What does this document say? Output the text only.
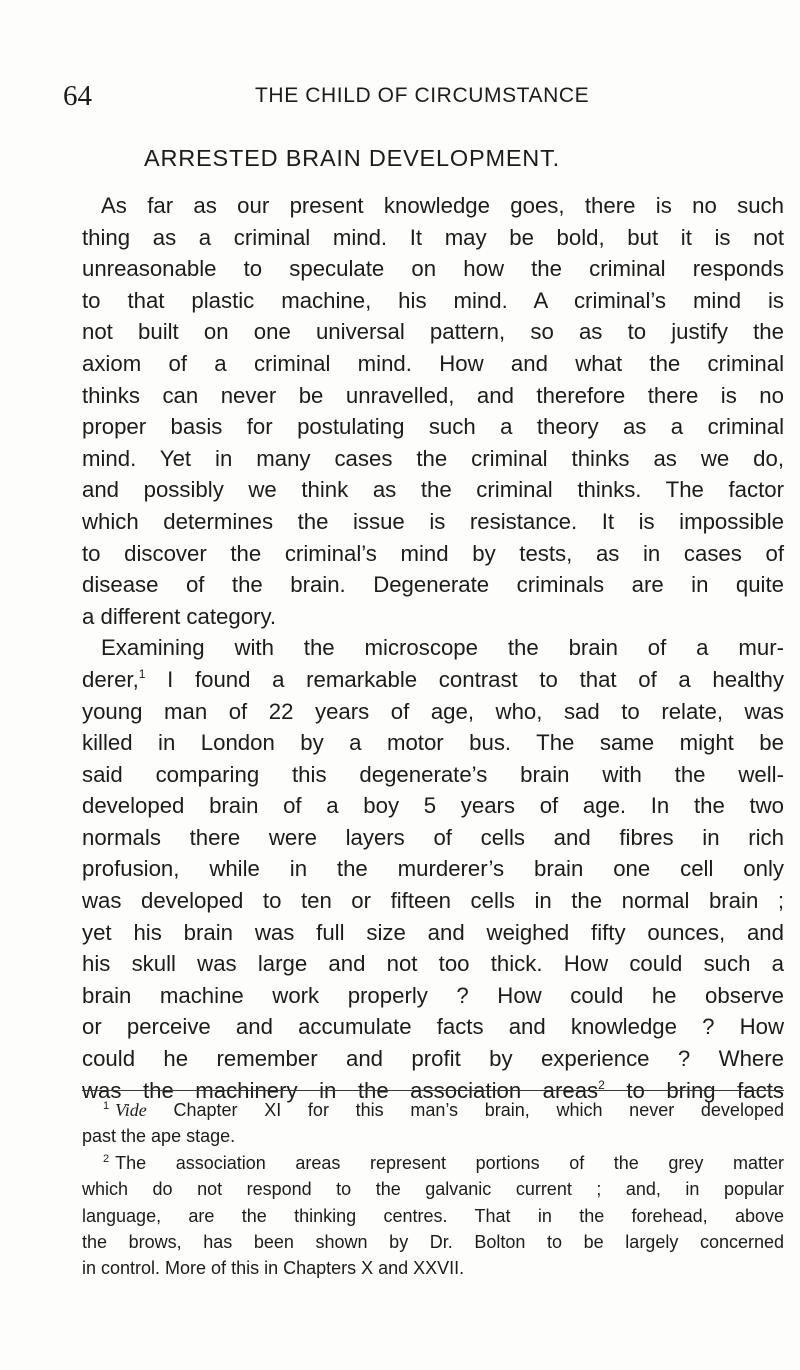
64	THE CHILD OF CIRCUMSTANCE
ARRESTED BRAIN DEVELOPMENT.
As far as our present knowledge goes, there is no such
thing as a criminal mind. It may be bold, but it is not
unreasonable to speculate on how the criminal responds
to that plastic machine, his mind. A criminal’s mind is
not built on one universal pattern, so as to justify the
axiom of a criminal mind. How and what the criminal
thinks can never be unravelled, and therefore there is no
proper basis for postulating such a theory as a criminal
mind. Yet in many cases the criminal thinks as we do,
and possibly we think as the criminal thinks. The factor
which determines the issue is resistance. It is impossible
to discover the criminal’s mind by tests, as in cases of
disease of the brain. Degenerate criminals are in quite
a different category.
Examining with the microscope the brain of a mur-
derer,$^1$ I found a remarkable contrast to that of a healthy
young man of 22 years of age, who, sad to relate, was
killed in London by a motor bus. The same might be
said comparing this degenerate’s brain with the well-
developed brain of a boy 5 years of age. In the two
normals there were layers of cells and fibres in rich
profusion, while in the murderer’s brain one cell only
was developed to ten or fifteen cells in the normal brain ;
yet his brain was full size and weighed fifty ounces, and
his skull was large and not too thick. How could such a
brain machine work properly ? How could he observe
or perceive and accumulate facts and knowledge ? How
could he remember and profit by experience ? Where
was the machinery in the association areas$^2$ to bring facts
$^1$ Vide Chapter XI for this man’s brain, which never developed
past the ape stage.
$^2$ The association areas represent portions of the grey matter
which do not respond to the galvanic current ; and, in popular
language, are the thinking centres. That in the forehead, above
the brows, has been shown by Dr. Bolton to be largely concerned
in control. More of this in Chapters X and XXVII.
